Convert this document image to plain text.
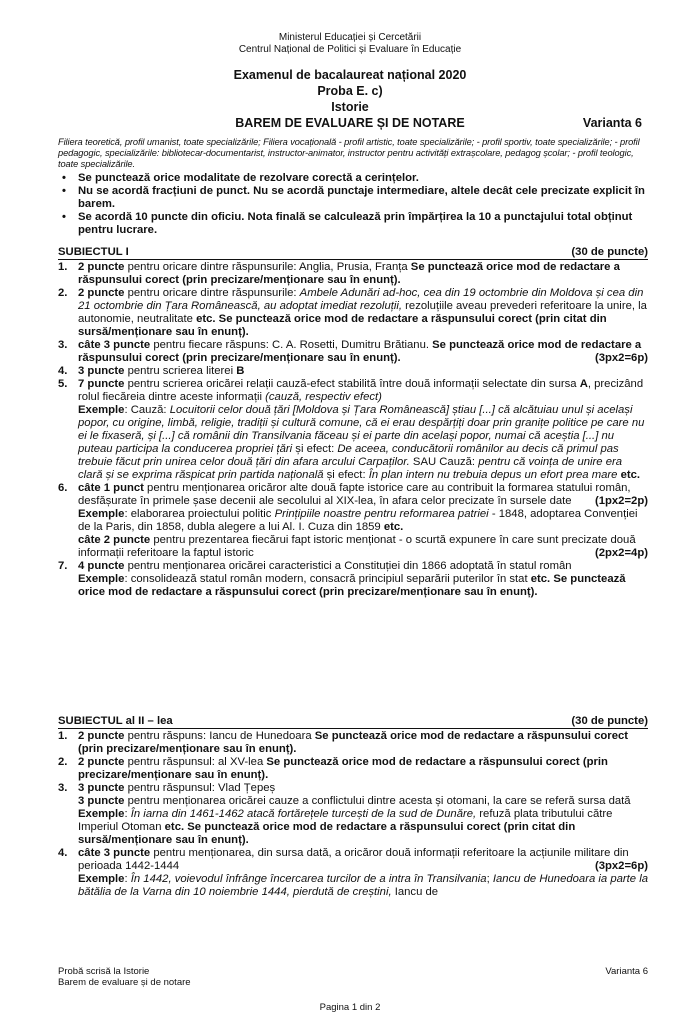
Ministerul Educației și Cercetării
Centrul Național de Politici și Evaluare în Educație
Examenul de bacalaureat național 2020
Proba E. c)
Istorie
BAREM DE EVALUARE ȘI DE NOTARE	Varianta 6
Filiera teoretică, profil umanist, toate specializările; Filiera vocațională - profil artistic, toate specializările; - profil sportiv, toate specializările; - profil pedagogic, specializările: bibliotecar-documentarist, instructor-animator, instructor pentru activități extrașcolare, pedagog școlar; - profil teologic, toate specializările.
• Se punctează orice modalitate de rezolvare corectă a cerințelor.
• Nu se acordă fracțiuni de punct. Nu se acordă punctaje intermediare, altele decât cele precizate explicit în barem.
• Se acordă 10 puncte din oficiu. Nota finală se calculează prin împărțirea la 10 a punctajului total obținut pentru lucrare.
SUBIECTUL I	(30 de puncte)
1. 2 puncte pentru oricare dintre răspunsurile: Anglia, Prusia, Franța Se punctează orice mod de redactare a răspunsului corect (prin precizare/menționare sau în enunț).
2. 2 puncte pentru oricare dintre răspunsurile: Ambele Adunări ad-hoc, cea din 19 octombrie din Moldova și cea din 21 octombrie din Țara Românească, au adoptat imediat rezoluții, rezoluțiile aveau prevederi referitoare la unire, la autonomie, neutralitate etc. Se punctează orice mod de redactare a răspunsului corect (prin citat din sursă/menționare sau în enunț).
3. câte 3 puncte pentru fiecare răspuns: C. A. Rosetti, Dumitru Brătianu. Se punctează orice mod de redactare a răspunsului corect (prin precizare/menționare sau în enunț).	(3px2=6p)
4. 3 puncte pentru scrierea literei B
5. 7 puncte pentru scrierea oricărei relații cauză-efect stabilită între două informații selectate din sursa A, precizând rolul fiecăreia dintre aceste informații (cauză, respectiv efect)
Exemple: Cauză: Locuitorii celor două țări [Moldova și Țara Românească] știau [...] că alcătuiau unul și același popor, cu origine, limbă, religie, tradiții și cultură comune, că ei erau despărțiți doar prin granițe politice pe care nu ei le fixaseră, și [...] că românii din Transilvania făceau și ei parte din același popor, numai că aceștia [...] nu puteau participa la conducerea propriei țări și efect: De aceea, conducătorii românilor au decis că primul pas trebuie făcut prin unirea celor două țări din afara arcului Carpaților. SAU Cauză: pentru că voința de unire era clară și se exprima răspicat prin partida națională și efect: În plan intern nu trebuia depus un efort prea mare etc.
6. câte 1 punct pentru menționarea oricăror alte două fapte istorice care au contribuit la formarea statului român, desfășurate în primele șase decenii ale secolului al XIX-lea, în afara celor precizate în sursele date (1px2=2p)

Exemple: elaborarea proiectului politic Prințipiile noastre pentru reformarea patriei - 1848, adoptarea Convenției de la Paris, din 1858, dubla alegere a lui Al. I. Cuza din 1859 etc.
câte 2 puncte pentru prezentarea fiecărui fapt istoric menționat - o scurtă expunere în care sunt precizate două informații referitoare la faptul istoric	(2px2=4p)
7. 4 puncte pentru menționarea oricărei caracteristici a Constituției din 1866 adoptată în statul român
Exemple: consolidează statul român modern, consacră principiul separării puterilor în stat etc. Se punctează orice mod de redactare a răspunsului corect (prin precizare/menționare sau în enunț).
SUBIECTUL al II – lea	(30 de puncte)
1. 2 puncte pentru răspuns: Iancu de Hunedoara Se punctează orice mod de redactare a răspunsului corect (prin precizare/menționare sau în enunț).
2. 2 puncte pentru răspunsul: al XV-lea Se punctează orice mod de redactare a răspunsului corect (prin precizare/menționare sau în enunț).
3. 3 puncte pentru răspunsul: Vlad Țepeș
3 puncte pentru menționarea oricărei cauze a conflictului dintre acesta și otomani, la care se referă sursa dată
Exemple: În iarna din 1461-1462 atacă fortărețele turcești de la sud de Dunăre, refuză plata tributului către Imperiul Otoman etc. Se punctează orice mod de redactare a răspunsului corect (prin citat din sursă/menționare sau în enunț).
4. câte 3 puncte pentru menționarea, din sursa dată, a oricăror două informații referitoare la acțiunile militare din perioada 1442-1444	(3px2=6p)

Exemple: În 1442, voievodul înfrânge încercarea turcilor de a intra în Transilvania; Iancu de Hunedoara ia parte la bătălia de la Varna din 10 noiembrie 1444, pierdută de creștini, Iancu de
Probă scrisă la Istorie
Barem de evaluare și de notare
Varianta 6
Pagina 1 din 2
